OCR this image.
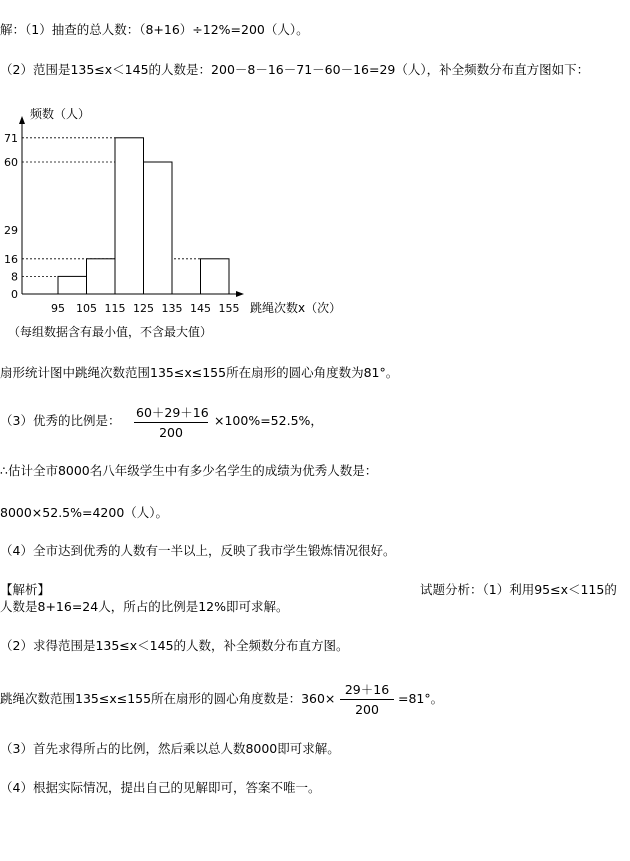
解：（1）抽查的总人数：（8+16）÷12%=200（人）。
（2）范围是135≤x＜145的人数是：200－8－16－71－60－16=29（人），补全频数分布直方图如下：
0
8
16
29
60
71
95 105 115 125 135 145 155
频数（人）
跳绳次数x（次）
（每组数据含有最小值，不含最大值）
扇形统计图中跳绳次数范围135≤x≤155所在扇形的圆心角度数为81°。
（3）优秀的比例是： $\frac{60+29+16}{200} \times 100\%=52.5\%$，
∴估计全市8000名八年级学生中有多少名学生的成绩为优秀人数是：
8000×52.5%=4200（人）。
（4）全市达到优秀的人数有一半以上，反映了我市学生锻炼情况很好。
【解析】	试题分析：（1）利用95≤x＜115的
人数是8+16=24人，所占的比例是12%即可求解。
（2）求得范围是135≤x＜145的人数，补全频数分布直方图。
跳绳次数范围135≤x≤155所在扇形的圆心角度数是：$360\times \frac{29+16}{200} =81^\circ$。
（3）首先求得所占的比例，然后乘以总人数8000即可求解。
（4）根据实际情况，提出自己的见解即可，答案不唯一。
